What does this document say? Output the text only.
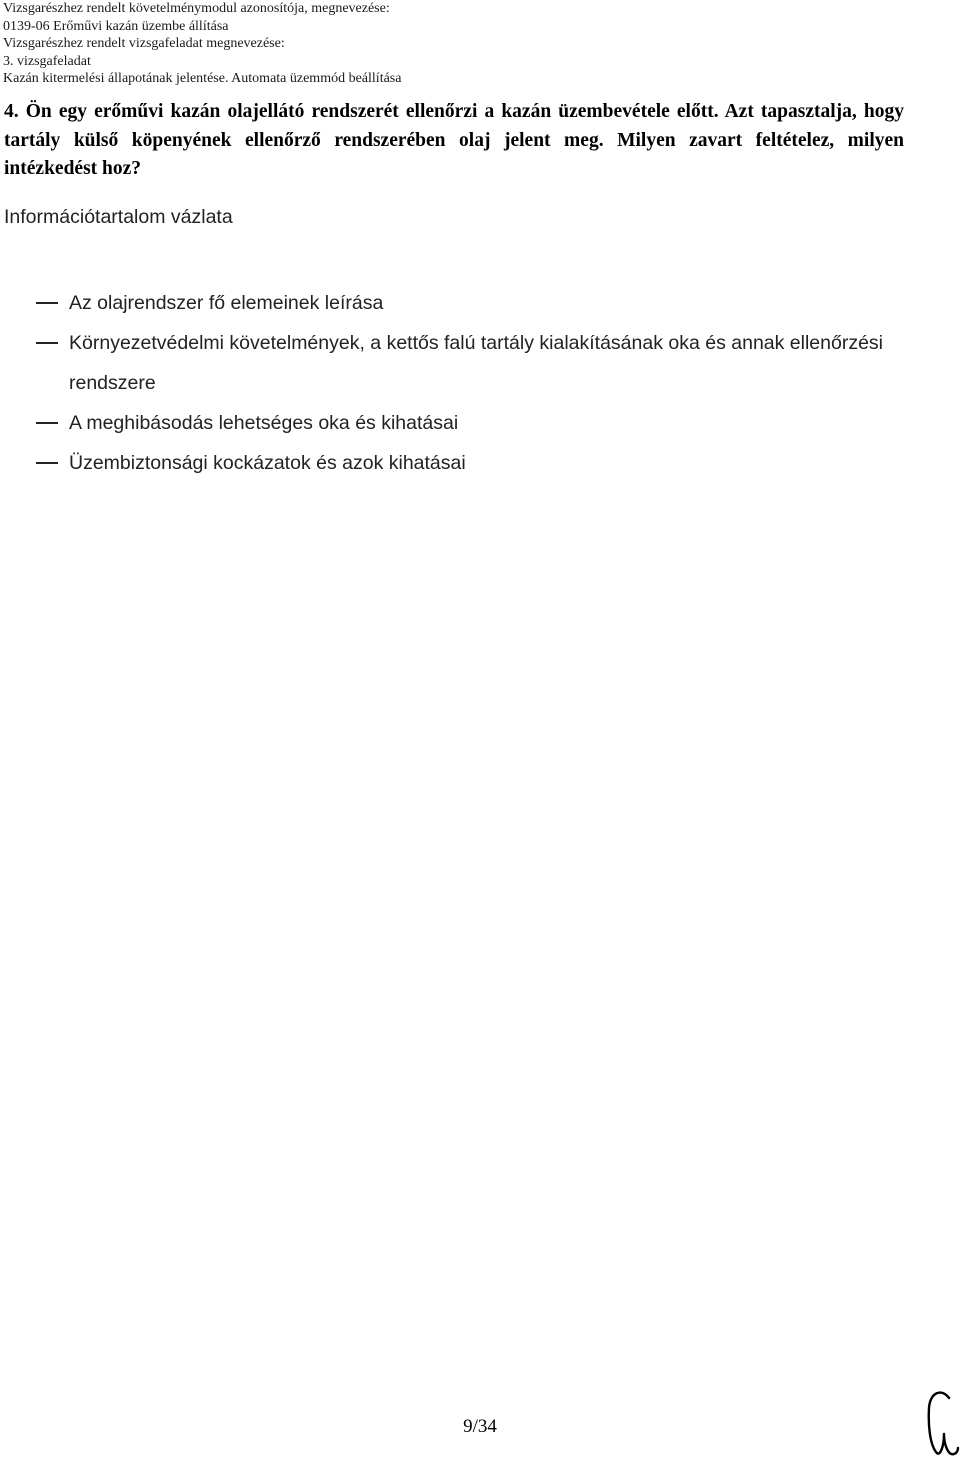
Vizsgarészhez rendelt követelménymodul azonosítója, megnevezése:
0139-06 Erőművi kazán üzembe állítása
Vizsgarészhez rendelt vizsgafeladat megnevezése:
3. vizsgafeladat
Kazán kitermelési állapotának jelentése. Automata üzemmód beállítása
4. Ön egy erőművi kazán olajellátó rendszerét ellenőrzi a kazán üzembevétele előtt. Azt tapasztalja, hogy tartály külső köpenyének ellenőrző rendszerében olaj jelent meg. Milyen zavart feltételez, milyen intézkedést hoz?
Információtartalom vázlata
Az olajrendszer fő elemeinek leírása
Környezetvédelmi követelmények, a kettős falú tartály kialakításának oka és annak ellenőrzési rendszere
A meghibásodás lehetséges oka és kihatásai
Üzembiztonsági kockázatok és azok kihatásai
9/34
